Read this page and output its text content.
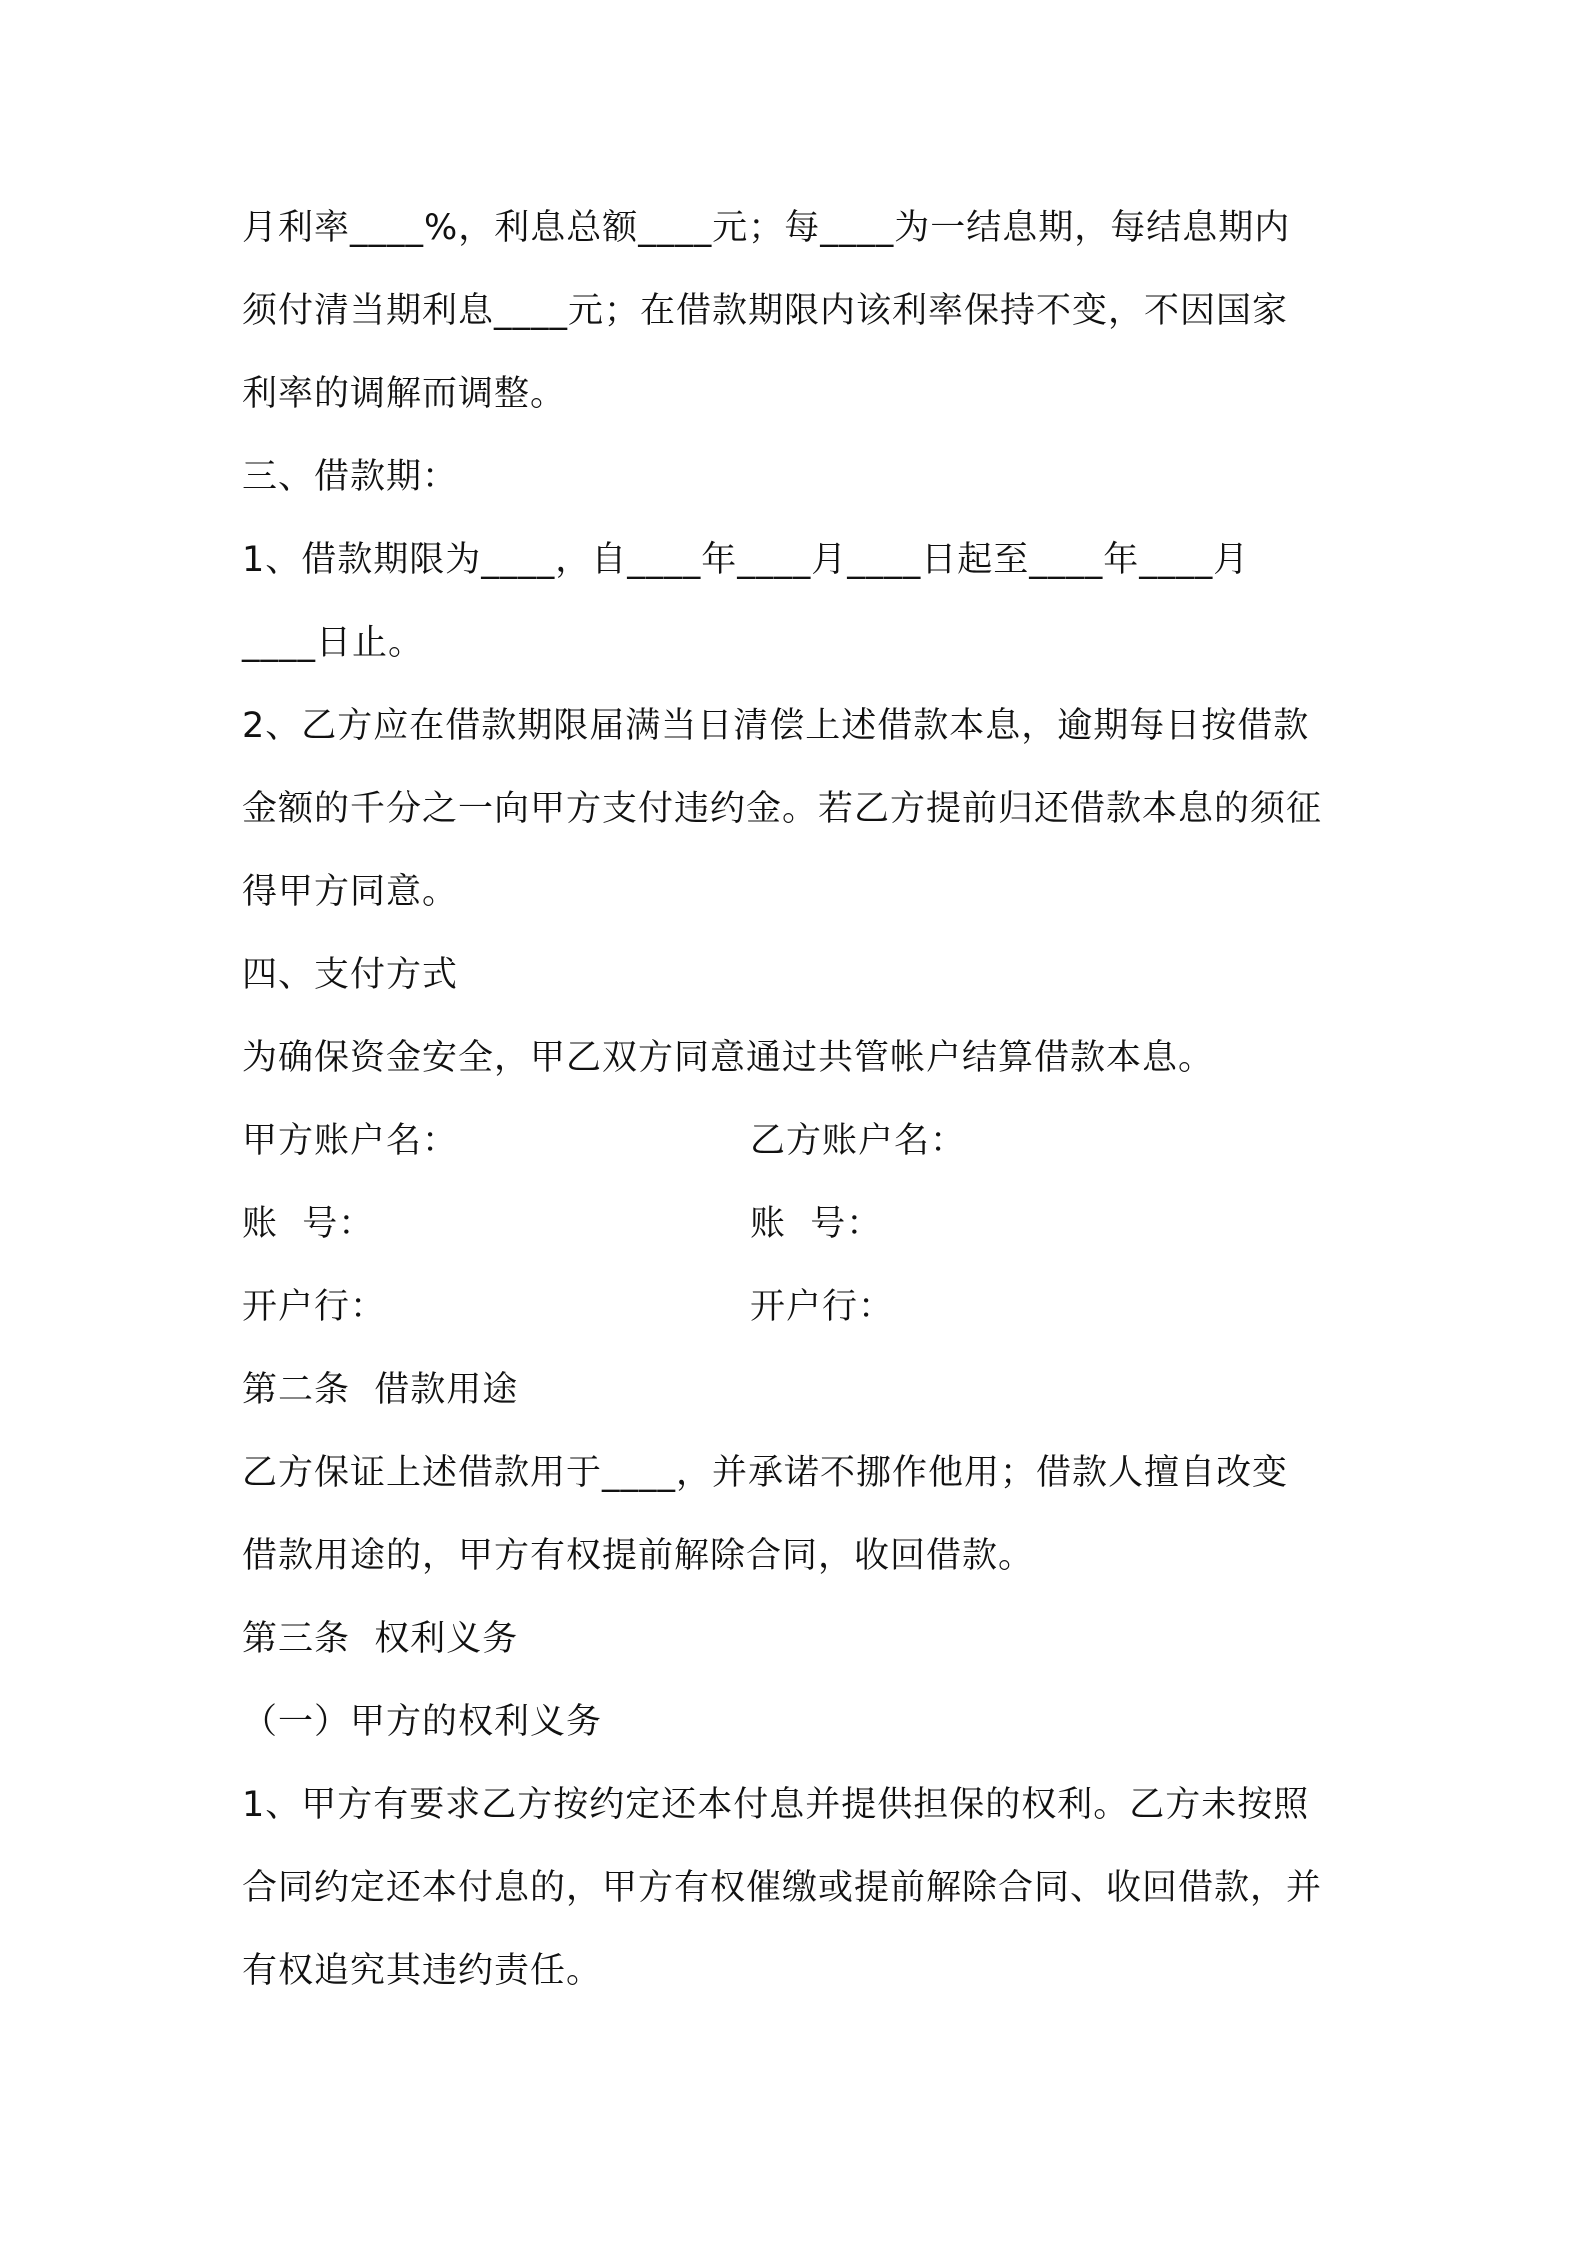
月利率____%，利息总额____元；每____为一结息期，每结息期内
须付清当期利息____元；在借款期限内该利率保持不变，不因国家
利率的调解而调整。
三、借款期：
1、借款期限为____，自____年____月____日起至____年____月
____日止。
2、乙方应在借款期限届满当日清偿上述借款本息，逾期每日按借款
金额的千分之一向甲方支付违约金。若乙方提前归还借款本息的须征
得甲方同意。
四、支付方式
为确保资金安全，甲乙双方同意通过共管帐户结算借款本息。
甲方账户名：	乙方账户名：
账  号：	账  号：
开户行：	开户行：
第二条  借款用途
乙方保证上述借款用于____，并承诺不挪作他用；借款人擅自改变
借款用途的，甲方有权提前解除合同，收回借款。
第三条  权利义务
（一）甲方的权利义务
1、甲方有要求乙方按约定还本付息并提供担保的权利。乙方未按照
合同约定还本付息的，甲方有权催缴或提前解除合同、收回借款，并
有权追究其违约责任。
